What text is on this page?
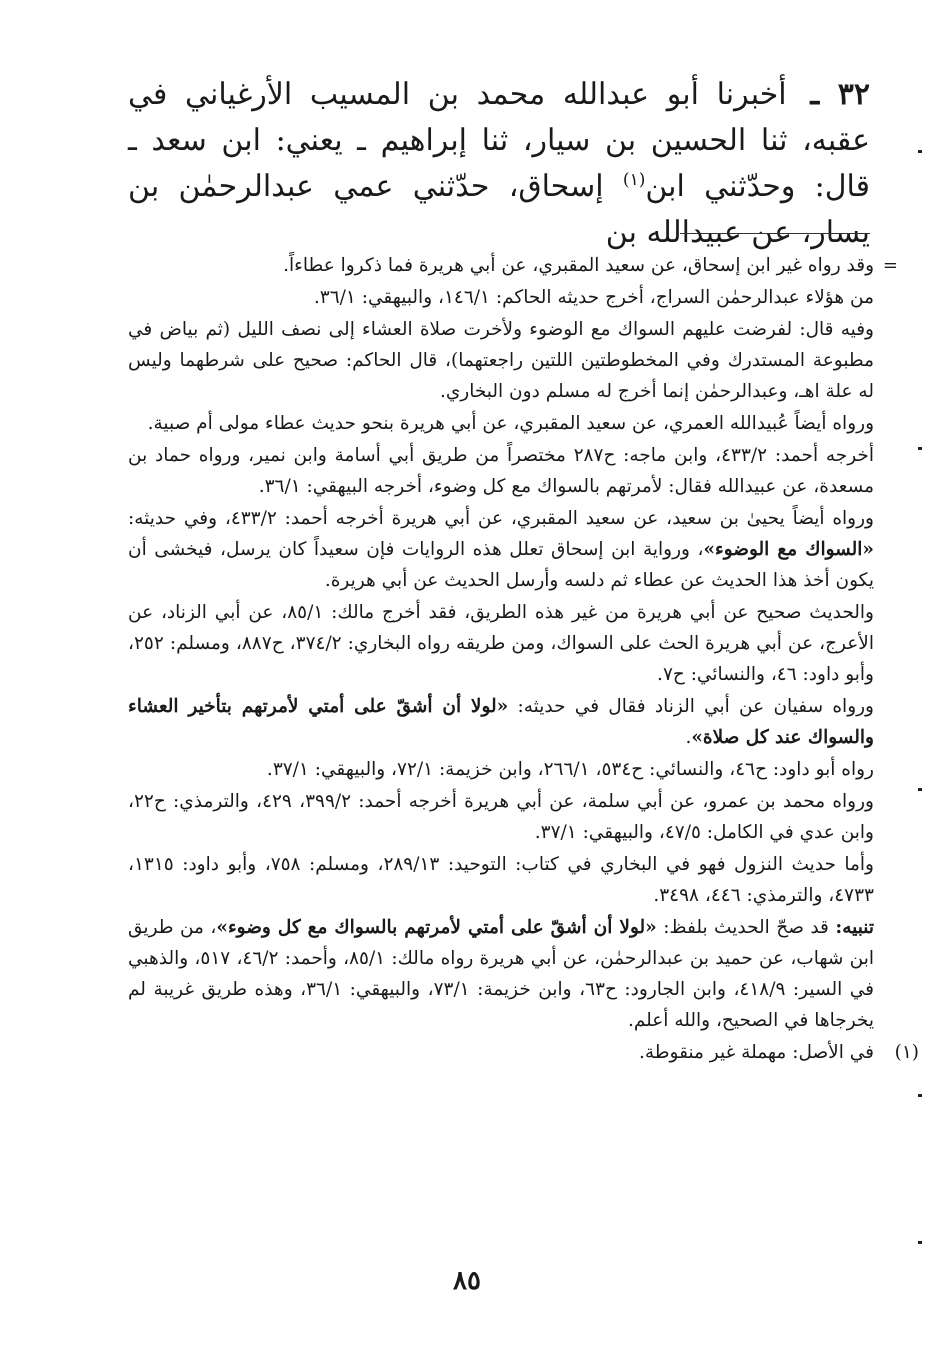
٣٢ ـ أخبرنا أبو عبدالله محمد بن المسيب الأرغياني في عقبه، ثنا الحسين بن سيار، ثنا إبراهيم ـ يعني: ابن سعد ـ قال: وحدّثني ابن$^{(١)}$ إسحاق، حدّثني عمي عبدالرحمٰن بن يسار، عن عبيدالله بن

=
وقد رواه غير ابن إسحاق، عن سعيد المقبري، عن أبي هريرة فما ذكروا عطاءاً.

من هؤلاء عبدالرحمٰن السراج، أخرج حديثه الحاكم: ١٤٦/١، والبيهقي: ٣٦/١.

وفيه قال: لفرضت عليهم السواك مع الوضوء ولأخرت صلاة العشاء إلى نصف الليل (ثم بياض في مطبوعة المستدرك وفي المخطوطتين اللتين راجعتهما)، قال الحاكم: صحيح على شرطهما وليس له علة اهـ، وعبدالرحمٰن إنما أخرج له مسلم دون البخاري.

ورواه أيضاً عُبيدالله العمري، عن سعيد المقبري، عن أبي هريرة بنحو حديث عطاء مولى أم صبية.

أخرجه أحمد: ٤٣٣/٢، وابن ماجه: ح٢٨٧ مختصراً من طريق أبي أسامة وابن نمير، ورواه حماد بن مسعدة، عن عبيدالله فقال: لأمرتهم بالسواك مع كل وضوء، أخرجه البيهقي: ٣٦/١.

ورواه أيضاً يحيىٰ بن سعيد، عن سعيد المقبري، عن أبي هريرة أخرجه أحمد: ٤٣٣/٢، وفي حديثه: «السواك مع الوضوء»، ورواية ابن إسحاق تعلل هذه الروايات فإن سعيداً كان يرسل، فيخشى أن يكون أخذ هذا الحديث عن عطاء ثم دلسه وأرسل الحديث عن أبي هريرة.

والحديث صحيح عن أبي هريرة من غير هذه الطريق، فقد أخرج مالك: ٨٥/١، عن أبي الزناد، عن الأعرج، عن أبي هريرة الحث على السواك، ومن طريقه رواه البخاري: ٣٧٤/٢، ح٨٨٧، ومسلم: ٢٥٢، وأبو داود: ٤٦، والنسائي: ح٧.

ورواه سفيان عن أبي الزناد فقال في حديثه: «لولا أن أشقّ على أمتي لأمرتهم بتأخير العشاء والسواك عند كل صلاة».

رواه أبو داود: ح٤٦، والنسائي: ح٥٣٤، ٢٦٦/١، وابن خزيمة: ٧٢/١، والبيهقي: ٣٧/١.

ورواه محمد بن عمرو، عن أبي سلمة، عن أبي هريرة أخرجه أحمد: ٣٩٩/٢، ٤٢٩، والترمذي: ح٢٢، وابن عدي في الكامل: ٤٧/٥، والبيهقي: ٣٧/١.

وأما حديث النزول فهو في البخاري في كتاب: التوحيد: ٢٨٩/١٣، ومسلم: ٧٥٨، وأبو داود: ١٣١٥، ٤٧٣٣، والترمذي: ٤٤٦، ٣٤٩٨.

تنبيه: قد صحّ الحديث بلفظ: «لولا أن أشقّ على أمتي لأمرتهم بالسواك مع كل وضوء»، من طريق ابن شهاب، عن حميد بن عبدالرحمٰن، عن أبي هريرة رواه مالك: ٨٥/١، وأحمد: ٤٦/٢، ٥١٧، والذهبي في السير: ٤١٨/٩، وابن الجارود: ح٦٣، وابن خزيمة: ٧٣/١، والبيهقي: ٣٦/١، وهذه طريق غريبة لم يخرجاها في الصحيح، والله أعلم.

(١)
في الأصل: مهملة غير منقوطة.

٨٥
